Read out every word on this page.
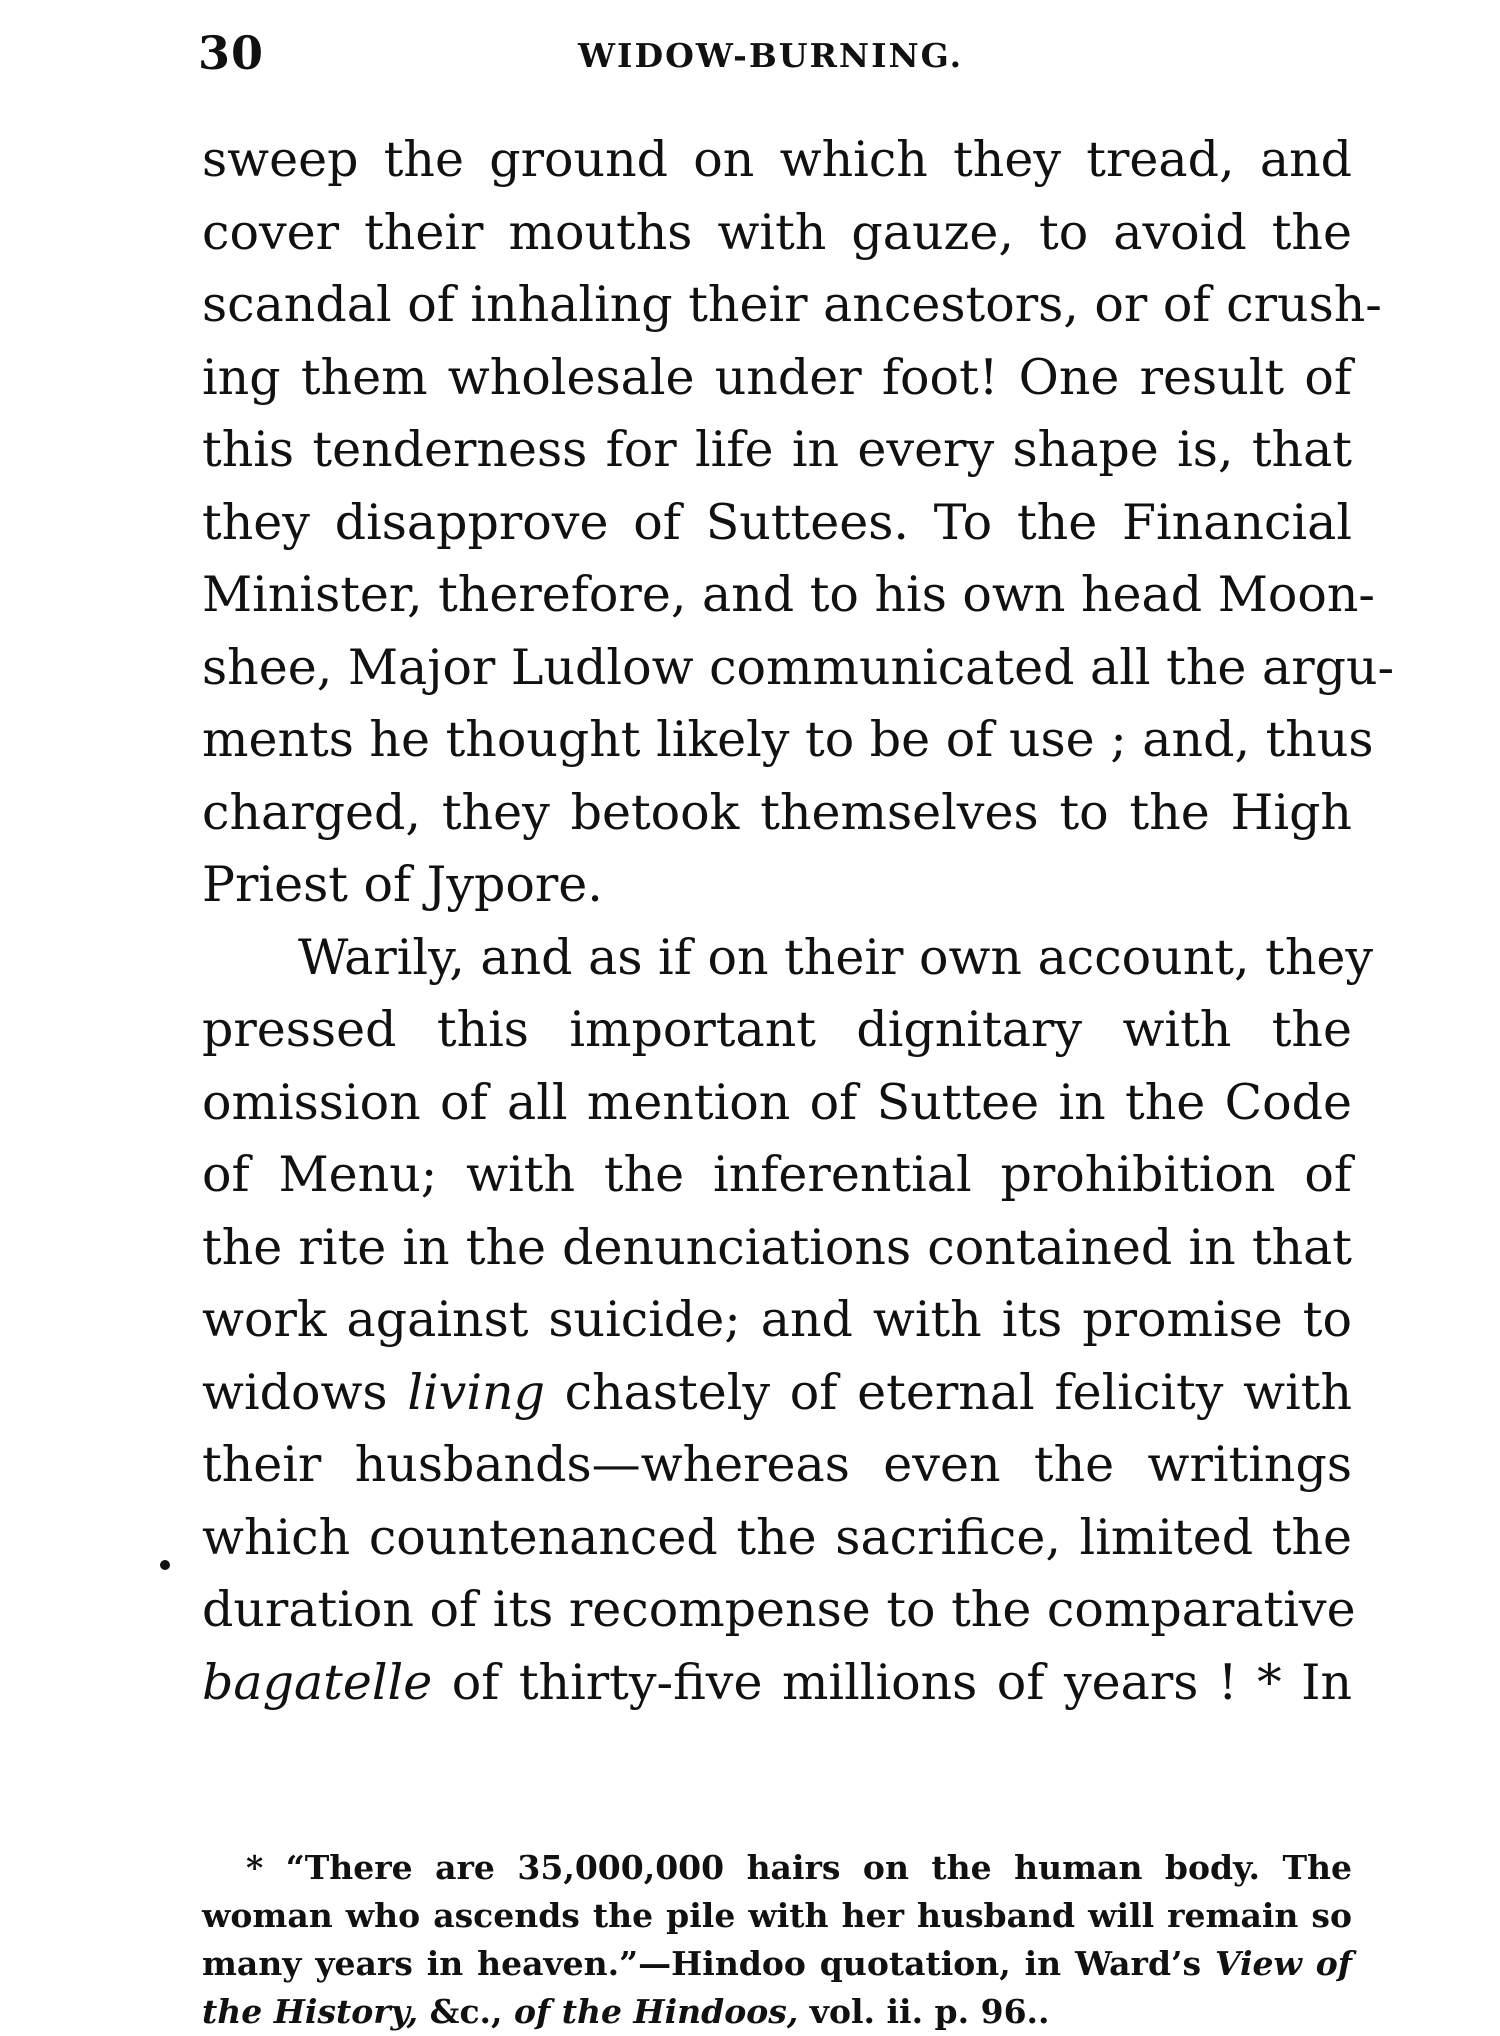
30	WIDOW-BURNING.
sweep the ground on which they tread, and
cover their mouths with gauze, to avoid the
scandal of inhaling their ancestors, or of crush-
ing them wholesale under foot! One result of
this tenderness for life in every shape is, that
they disapprove of Suttees. To the Financial
Minister, therefore, and to his own head Moon-
shee, Major Ludlow communicated all the argu-
ments he thought likely to be of use ; and, thus
charged, they betook themselves to the High
Priest of Jypore.
Warily, and as if on their own account, they
pressed this important dignitary with the
omission of all mention of Suttee in the Code
of Menu; with the inferential prohibition of
the rite in the denunciations contained in that
work against suicide; and with its promise to
widows living chastely of eternal felicity with
their husbands—whereas even the writings
which countenanced the sacrifice, limited the
duration of its recompense to the comparative
bagatelle of thirty-five millions of years ! * In
* “There are 35,000,000 hairs on the human body. The
woman who ascends the pile with her husband will remain so
many years in heaven.”—Hindoo quotation, in Ward’s View of
the History, &c., of the Hindoos, vol. ii. p. 96..
